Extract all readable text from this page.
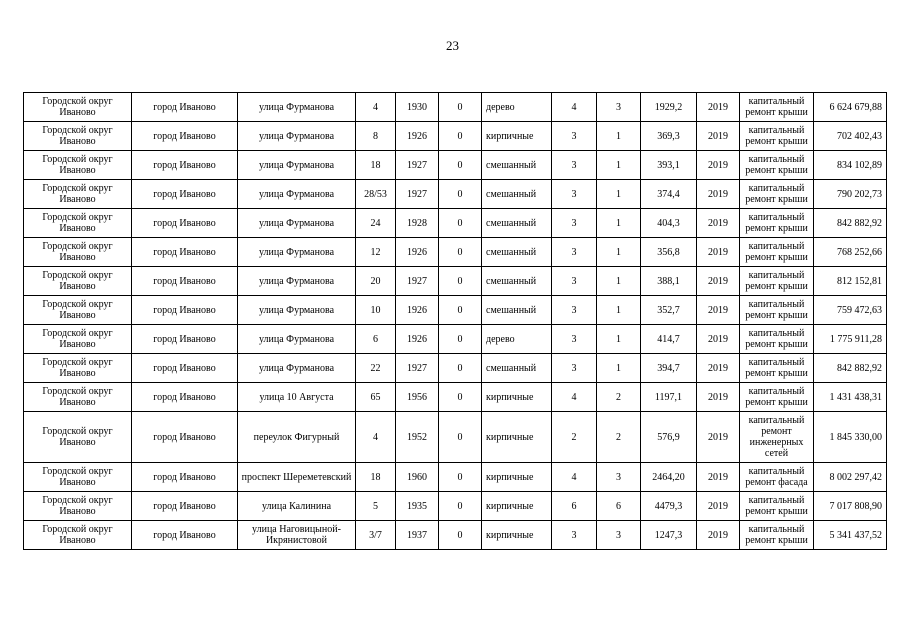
23
Городской округ Иваново	город Иваново	улица Фурманова	4	1930	0	дерево	4	3	1929,2	2019	капитальный ремонт крыши	6 624 679,88
Городской округ Иваново	город Иваново	улица Фурманова	8	1926	0	кирпичные	3	1	369,3	2019	капитальный ремонт крыши	702 402,43
Городской округ Иваново	город Иваново	улица Фурманова	18	1927	0	смешанный	3	1	393,1	2019	капитальный ремонт крыши	834 102,89
Городской округ Иваново	город Иваново	улица Фурманова	28/53	1927	0	смешанный	3	1	374,4	2019	капитальный ремонт крыши	790 202,73
Городской округ Иваново	город Иваново	улица Фурманова	24	1928	0	смешанный	3	1	404,3	2019	капитальный ремонт крыши	842 882,92
Городской округ Иваново	город Иваново	улица Фурманова	12	1926	0	смешанный	3	1	356,8	2019	капитальный ремонт крыши	768 252,66
Городской округ Иваново	город Иваново	улица Фурманова	20	1927	0	смешанный	3	1	388,1	2019	капитальный ремонт крыши	812 152,81
Городской округ Иваново	город Иваново	улица Фурманова	10	1926	0	смешанный	3	1	352,7	2019	капитальный ремонт крыши	759 472,63
Городской округ Иваново	город Иваново	улица Фурманова	6	1926	0	дерево	3	1	414,7	2019	капитальный ремонт крыши	1 775 911,28
Городской округ Иваново	город Иваново	улица Фурманова	22	1927	0	смешанный	3	1	394,7	2019	капитальный ремонт крыши	842 882,92
Городской округ Иваново	город Иваново	улица 10 Августа	65	1956	0	кирпичные	4	2	1197,1	2019	капитальный ремонт крыши	1 431 438,31
Городской округ Иваново	город Иваново	переулок Фигурный	4	1952	0	кирпичные	2	2	576,9	2019	капитальный ремонт инженерных сетей	1 845 330,00
Городской округ Иваново	город Иваново	проспект Шереметевский	18	1960	0	кирпичные	4	3	2464,20	2019	капитальный ремонт фасада	8 002 297,42
Городской округ Иваново	город Иваново	улица Калинина	5	1935	0	кирпичные	6	6	4479,3	2019	капитальный ремонт крыши	7 017 808,90
Городской округ Иваново	город Иваново	улица Наговицыной-Икрянистовой	3/7	1937	0	кирпичные	3	3	1247,3	2019	капитальный ремонт крыши	5 341 437,52
